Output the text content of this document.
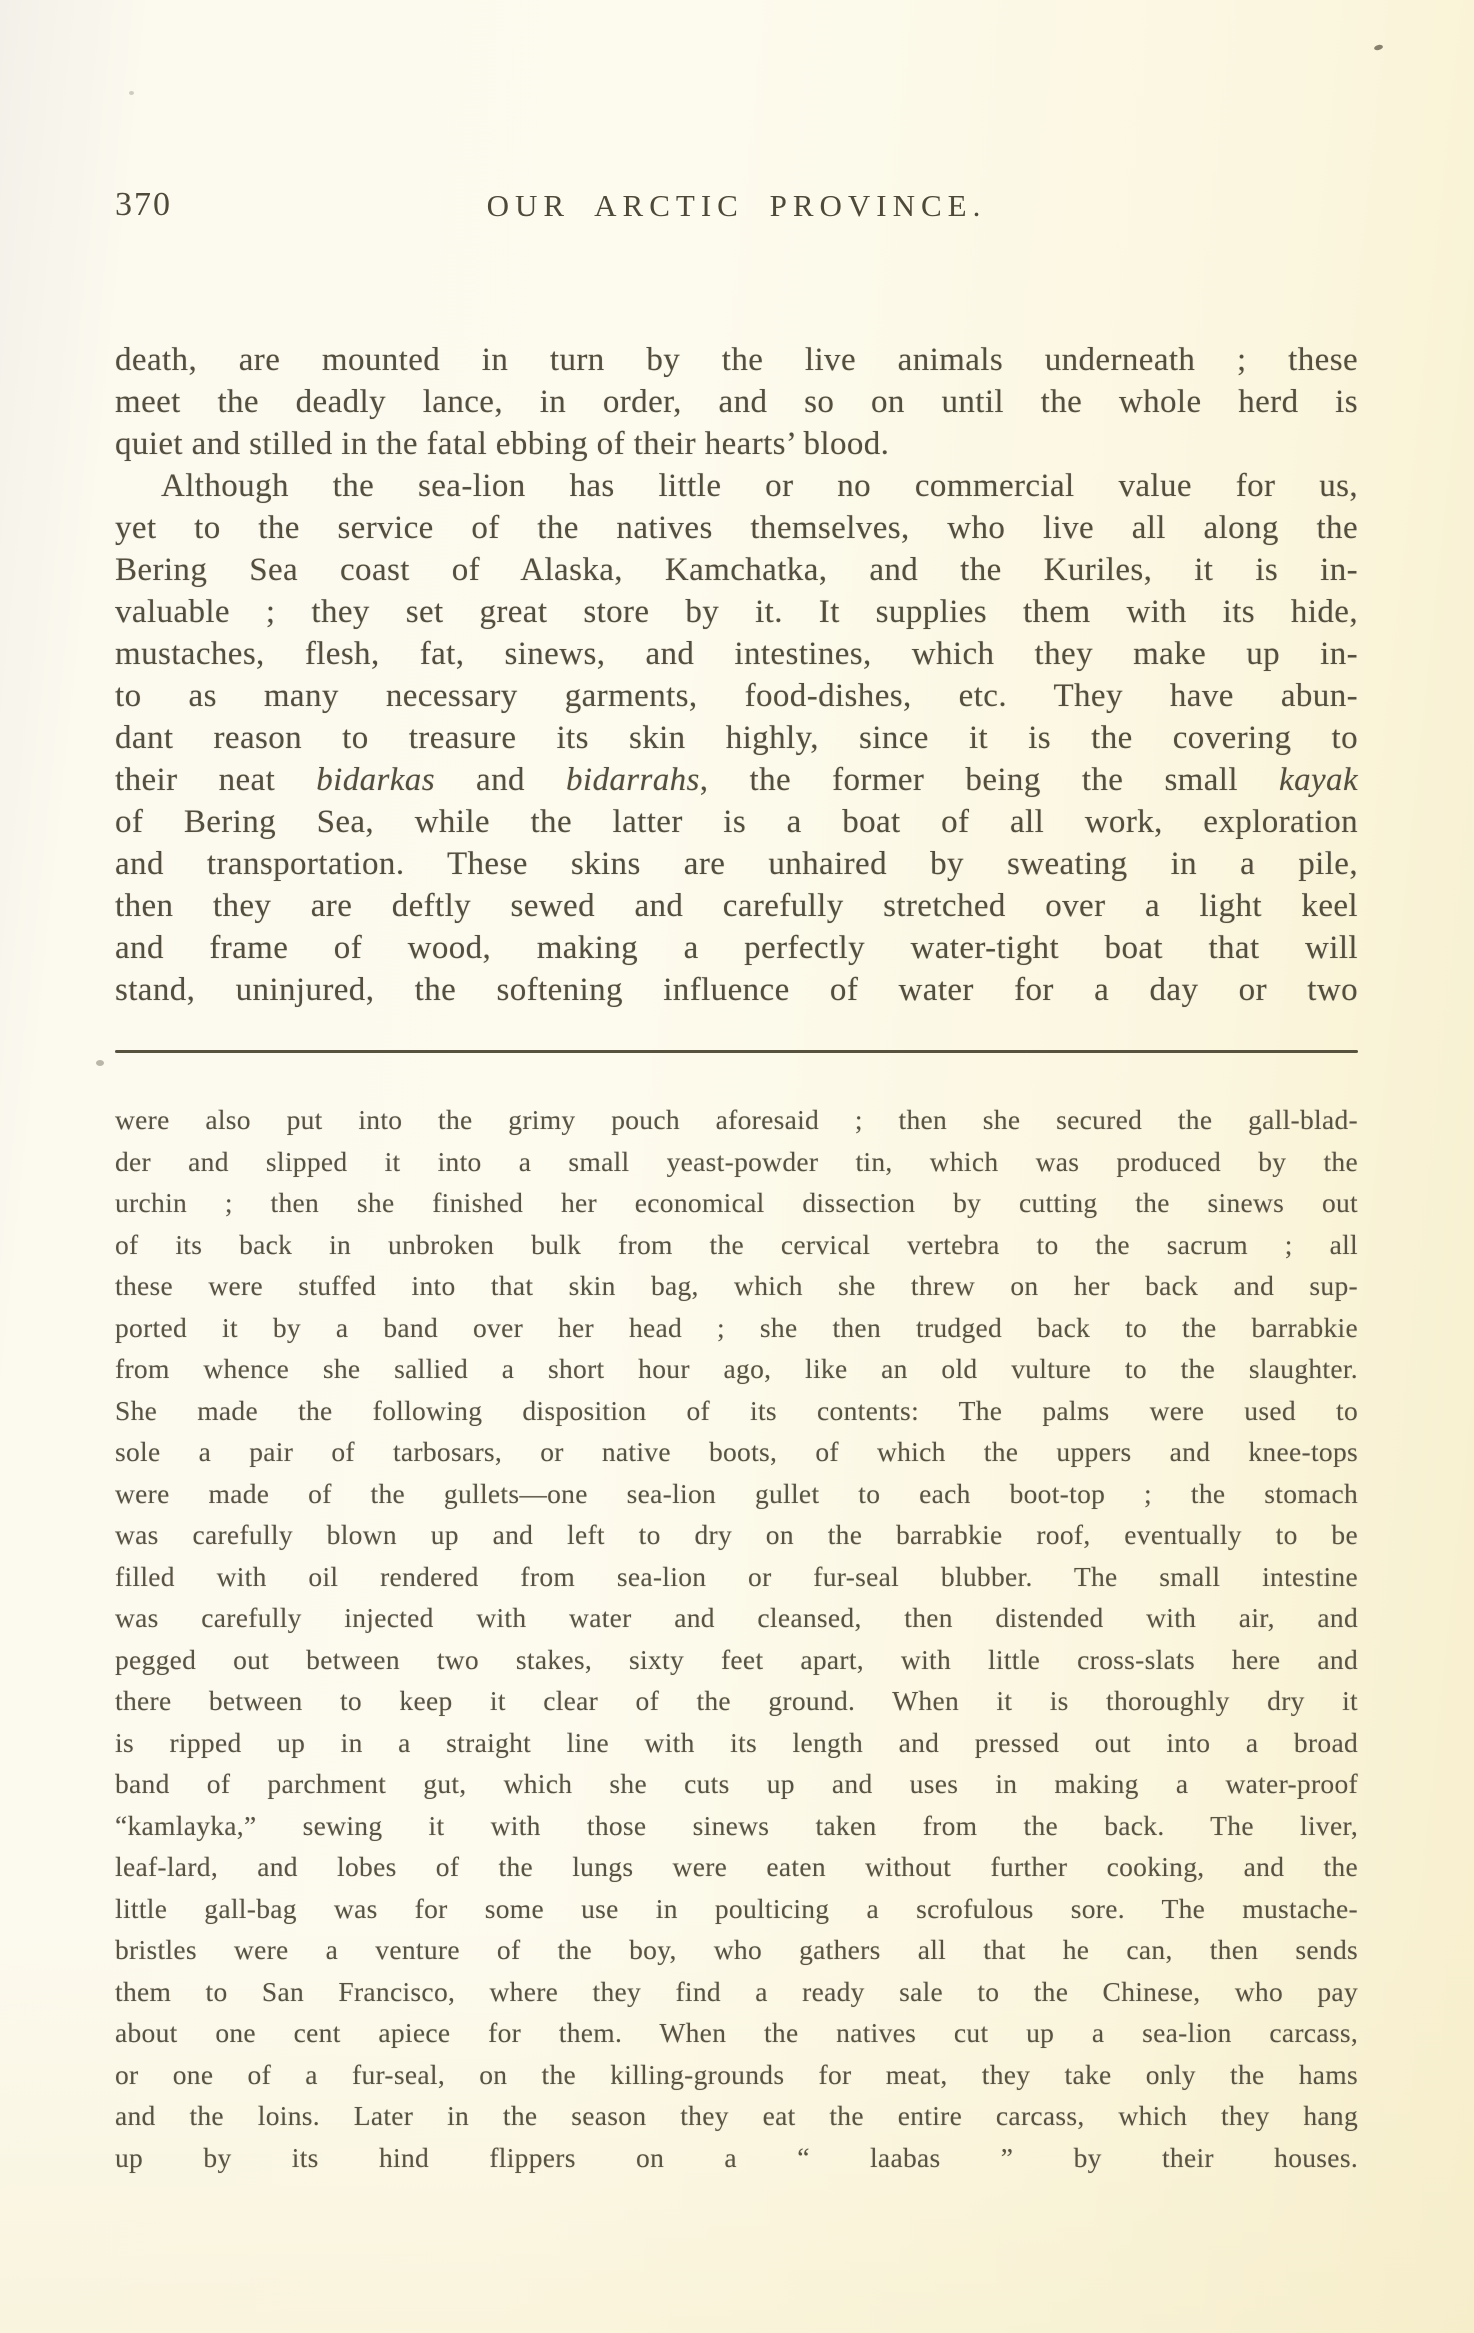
370	OUR ARCTIC PROVINCE.
death, are mounted in turn by the live animals underneath ; these
meet the deadly lance, in order, and so on until the whole herd is
quiet and stilled in the fatal ebbing of their hearts’ blood.
Although the sea-lion has little or no commercial value for us,
yet to the service of the natives themselves, who live all along the
Bering Sea coast of Alaska, Kamchatka, and the Kuriles, it is in-
valuable ; they set great store by it. It supplies them with its hide,
mustaches, flesh, fat, sinews, and intestines, which they make up in-
to as many necessary garments, food-dishes, etc. They have abun-
dant reason to treasure its skin highly, since it is the covering to
their neat bidarkas and bidarrahs, the former being the small kayak
of Bering Sea, while the latter is a boat of all work, exploration
and transportation. These skins are unhaired by sweating in a pile,
then they are deftly sewed and carefully stretched over a light keel
and frame of wood, making a perfectly water-tight boat that will
stand, uninjured, the softening influence of water for a day or two
were also put into the grimy pouch aforesaid ; then she secured the gall-blad-
der and slipped it into a small yeast-powder tin, which was produced by the
urchin ; then she finished her economical dissection by cutting the sinews out
of its back in unbroken bulk from the cervical vertebra to the sacrum ; all
these were stuffed into that skin bag, which she threw on her back and sup-
ported it by a band over her head ; she then trudged back to the barrabkie
from whence she sallied a short hour ago, like an old vulture to the slaughter.
She made the following disposition of its contents: The palms were used to
sole a pair of tarbosars, or native boots, of which the uppers and knee-tops
were made of the gullets—one sea-lion gullet to each boot-top ; the stomach
was carefully blown up and left to dry on the barrabkie roof, eventually to be
filled with oil rendered from sea-lion or fur-seal blubber. The small intestine
was carefully injected with water and cleansed, then distended with air, and
pegged out between two stakes, sixty feet apart, with little cross-slats here and
there between to keep it clear of the ground. When it is thoroughly dry it
is ripped up in a straight line with its length and pressed out into a broad
band of parchment gut, which she cuts up and uses in making a water-proof
“kamlayka,” sewing it with those sinews taken from the back. The liver,
leaf-lard, and lobes of the lungs were eaten without further cooking, and the
little gall-bag was for some use in poulticing a scrofulous sore. The mustache-
bristles were a venture of the boy, who gathers all that he can, then sends
them to San Francisco, where they find a ready sale to the Chinese, who pay
about one cent apiece for them. When the natives cut up a sea-lion carcass,
or one of a fur-seal, on the killing-grounds for meat, they take only the hams
and the loins. Later in the season they eat the entire carcass, which they hang
up by its hind flippers on a “ laabas ” by their houses.
